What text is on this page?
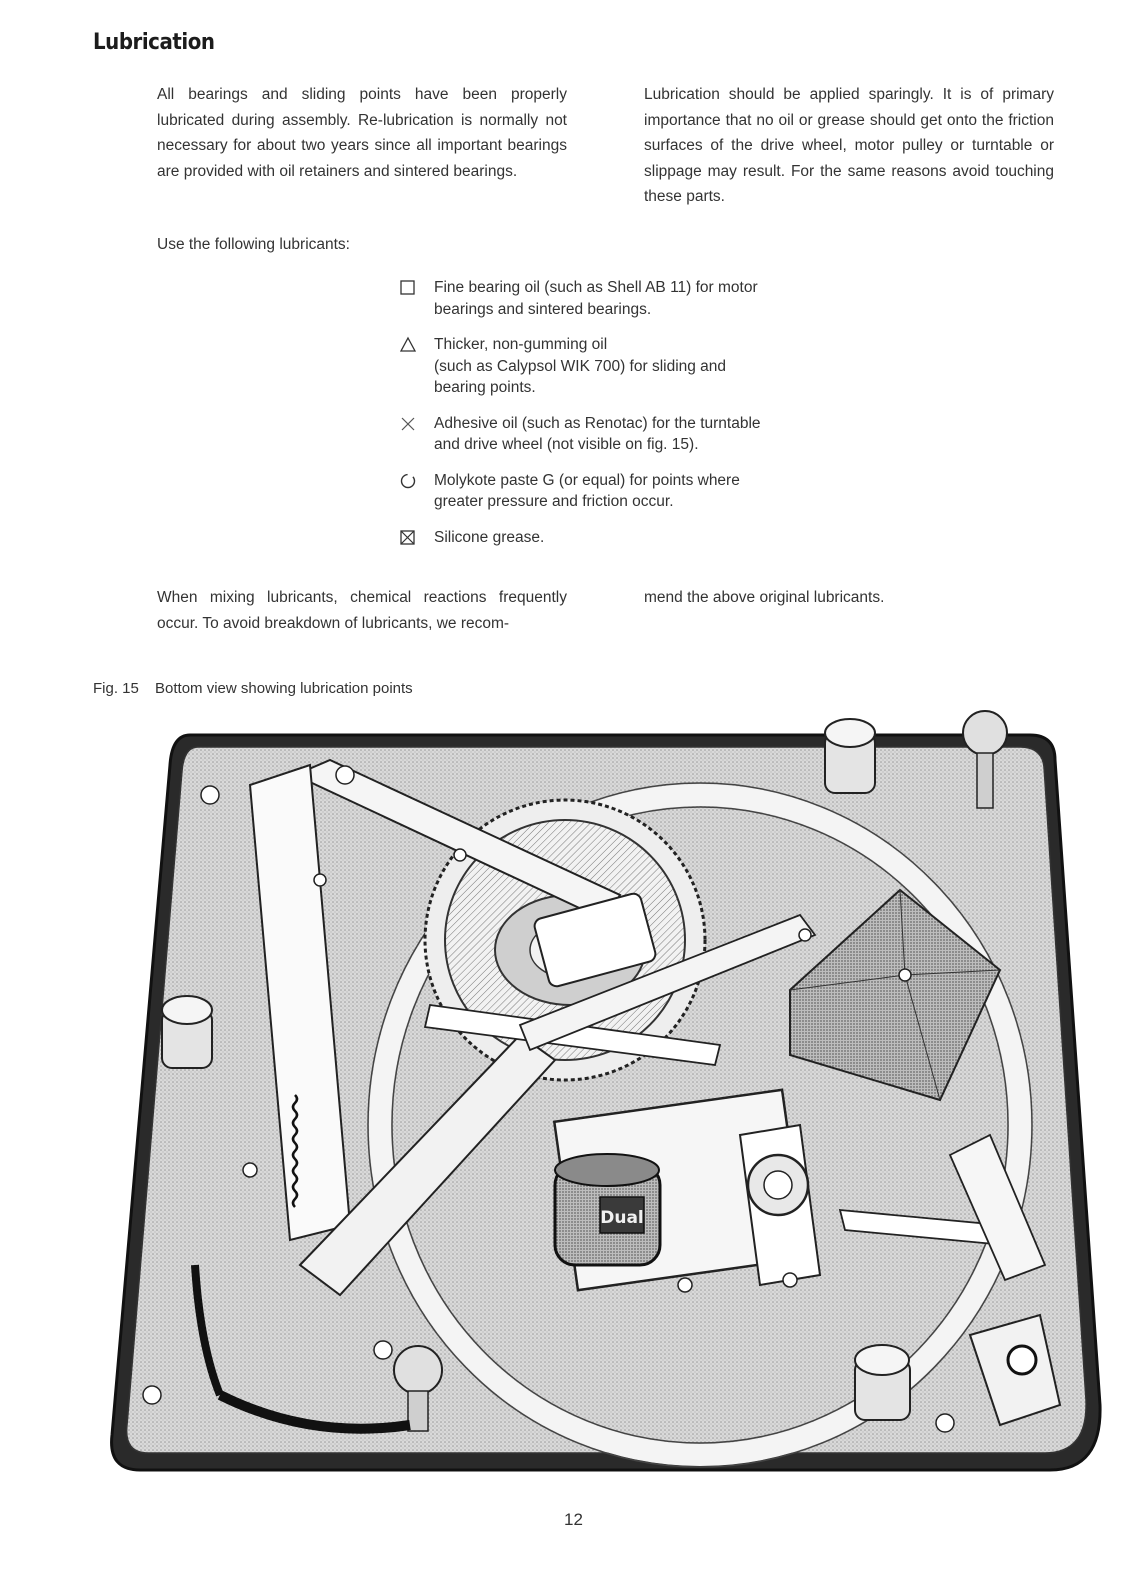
Lubrication
All bearings and sliding points have been properly lubricated during assembly. Re-lubrication is normally not necessary for about two years since all important bearings are provided with oil retainers and sintered bearings.
Lubrication should be applied sparingly. It is of primary importance that no oil or grease should get onto the friction surfaces of the drive wheel, motor pulley or turntable or slippage may result. For the same reasons avoid touching these parts.
Use the following lubricants:
Fine bearing oil (such as Shell AB 11) for motor
bearings and sintered bearings.
Thicker, non-gumming oil
(such as Calypsol WIK 700) for sliding and
bearing points.
Adhesive oil (such as Renotac) for the turntable
and drive wheel (not visible on fig. 15).
Molykote paste G (or equal) for points where
greater pressure and friction occur.
Silicone grease.
When mixing lubricants, chemical reactions frequently occur. To avoid breakdown of lubricants, we recom-
mend the above original lubricants.
Fig. 15 Bottom view showing lubrication points
Dual
12
